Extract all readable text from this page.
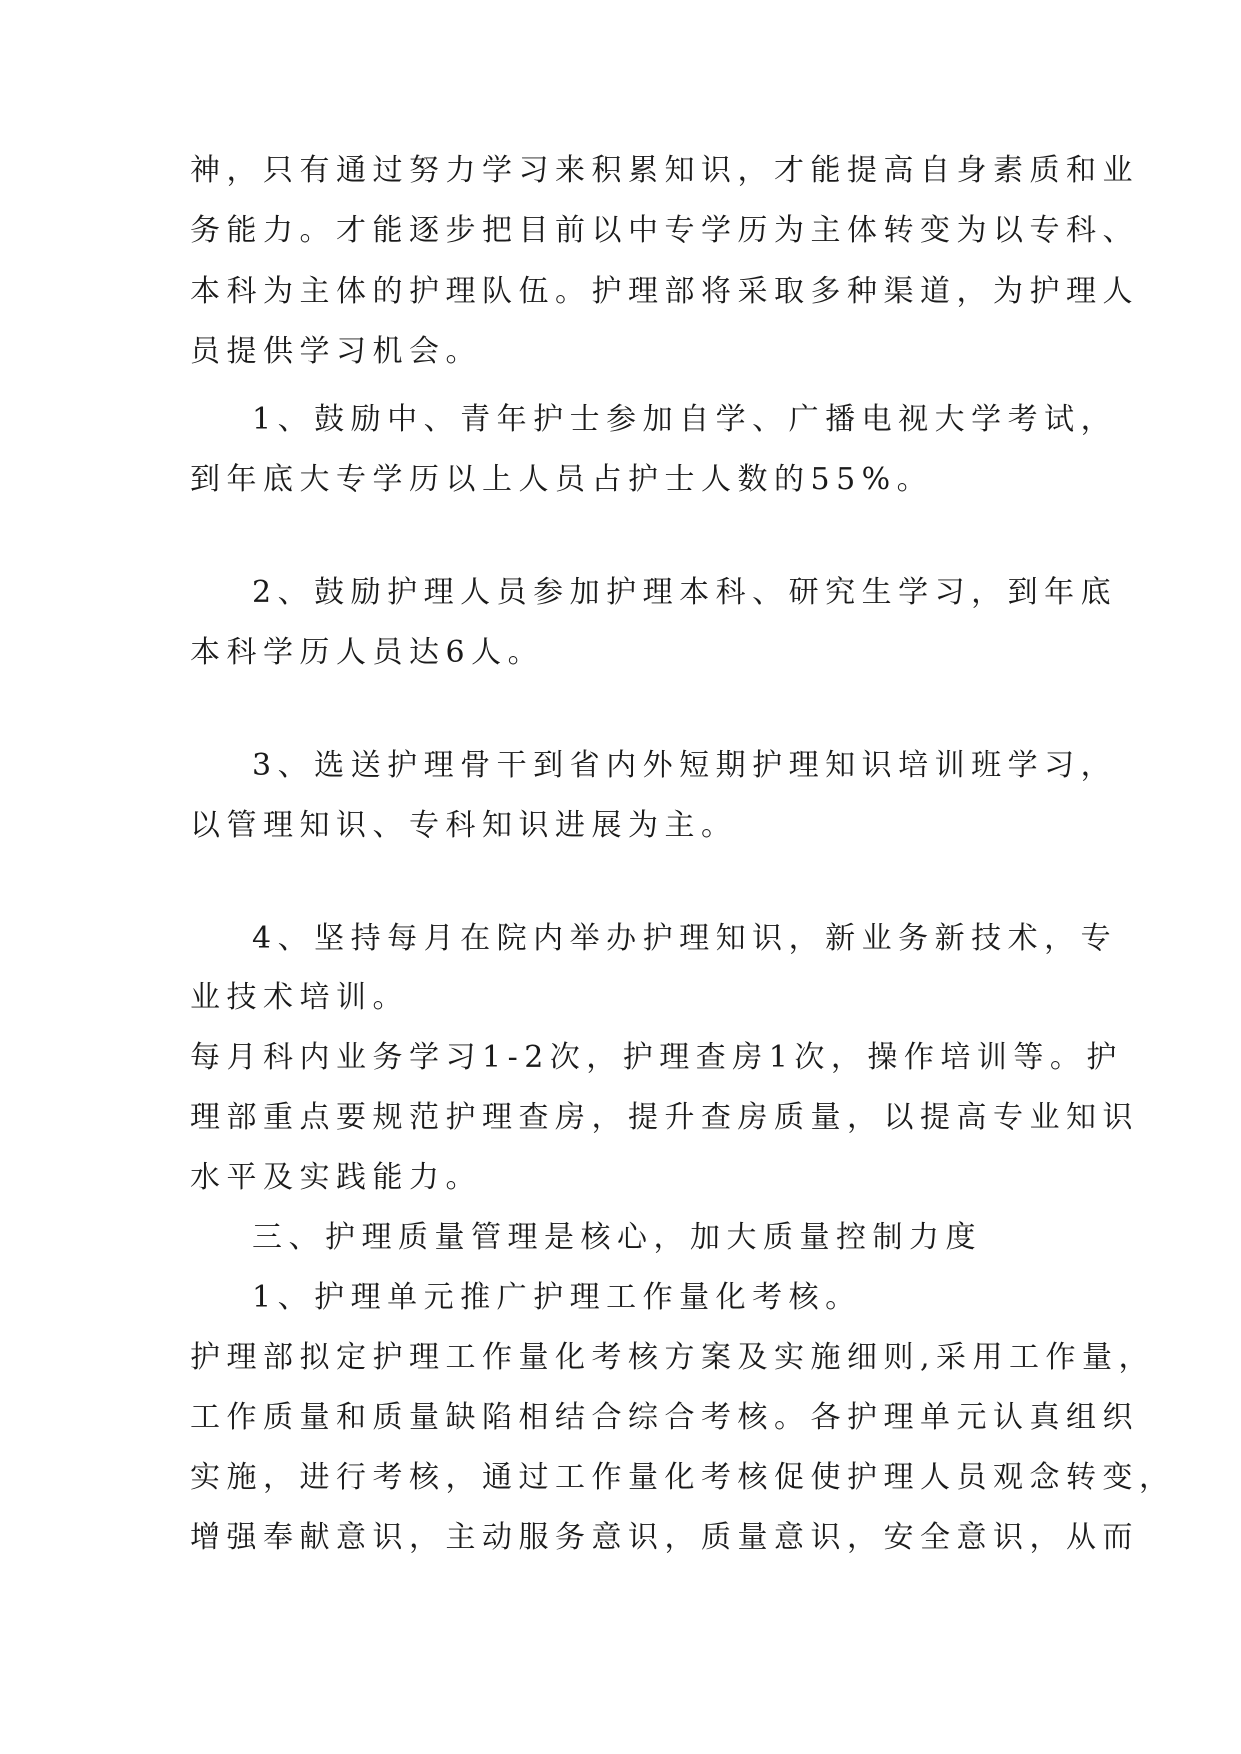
神，只有通过努力学习来积累知识，才能提高自身素质和业
务能力。才能逐步把目前以中专学历为主体转变为以专科、
本科为主体的护理队伍。护理部将采取多种渠道，为护理人
员提供学习机会。
1、鼓励中、青年护士参加自学、广播电视大学考试，
到年底大专学历以上人员占护士人数的55%。
2、鼓励护理人员参加护理本科、研究生学习，到年底
本科学历人员达6人。
3、选送护理骨干到省内外短期护理知识培训班学习，
以管理知识、专科知识进展为主。
4、坚持每月在院内举办护理知识，新业务新技术，专
业技术培训。
每月科内业务学习1-2次，护理查房1次，操作培训等。护
理部重点要规范护理查房，提升查房质量，以提高专业知识
水平及实践能力。
三、护理质量管理是核心，加大质量控制力度
1、护理单元推广护理工作量化考核。
护理部拟定护理工作量化考核方案及实施细则,采用工作量，
工作质量和质量缺陷相结合综合考核。各护理单元认真组织
实施，进行考核，通过工作量化考核促使护理人员观念转变，
增强奉献意识，主动服务意识，质量意识，安全意识，从而
